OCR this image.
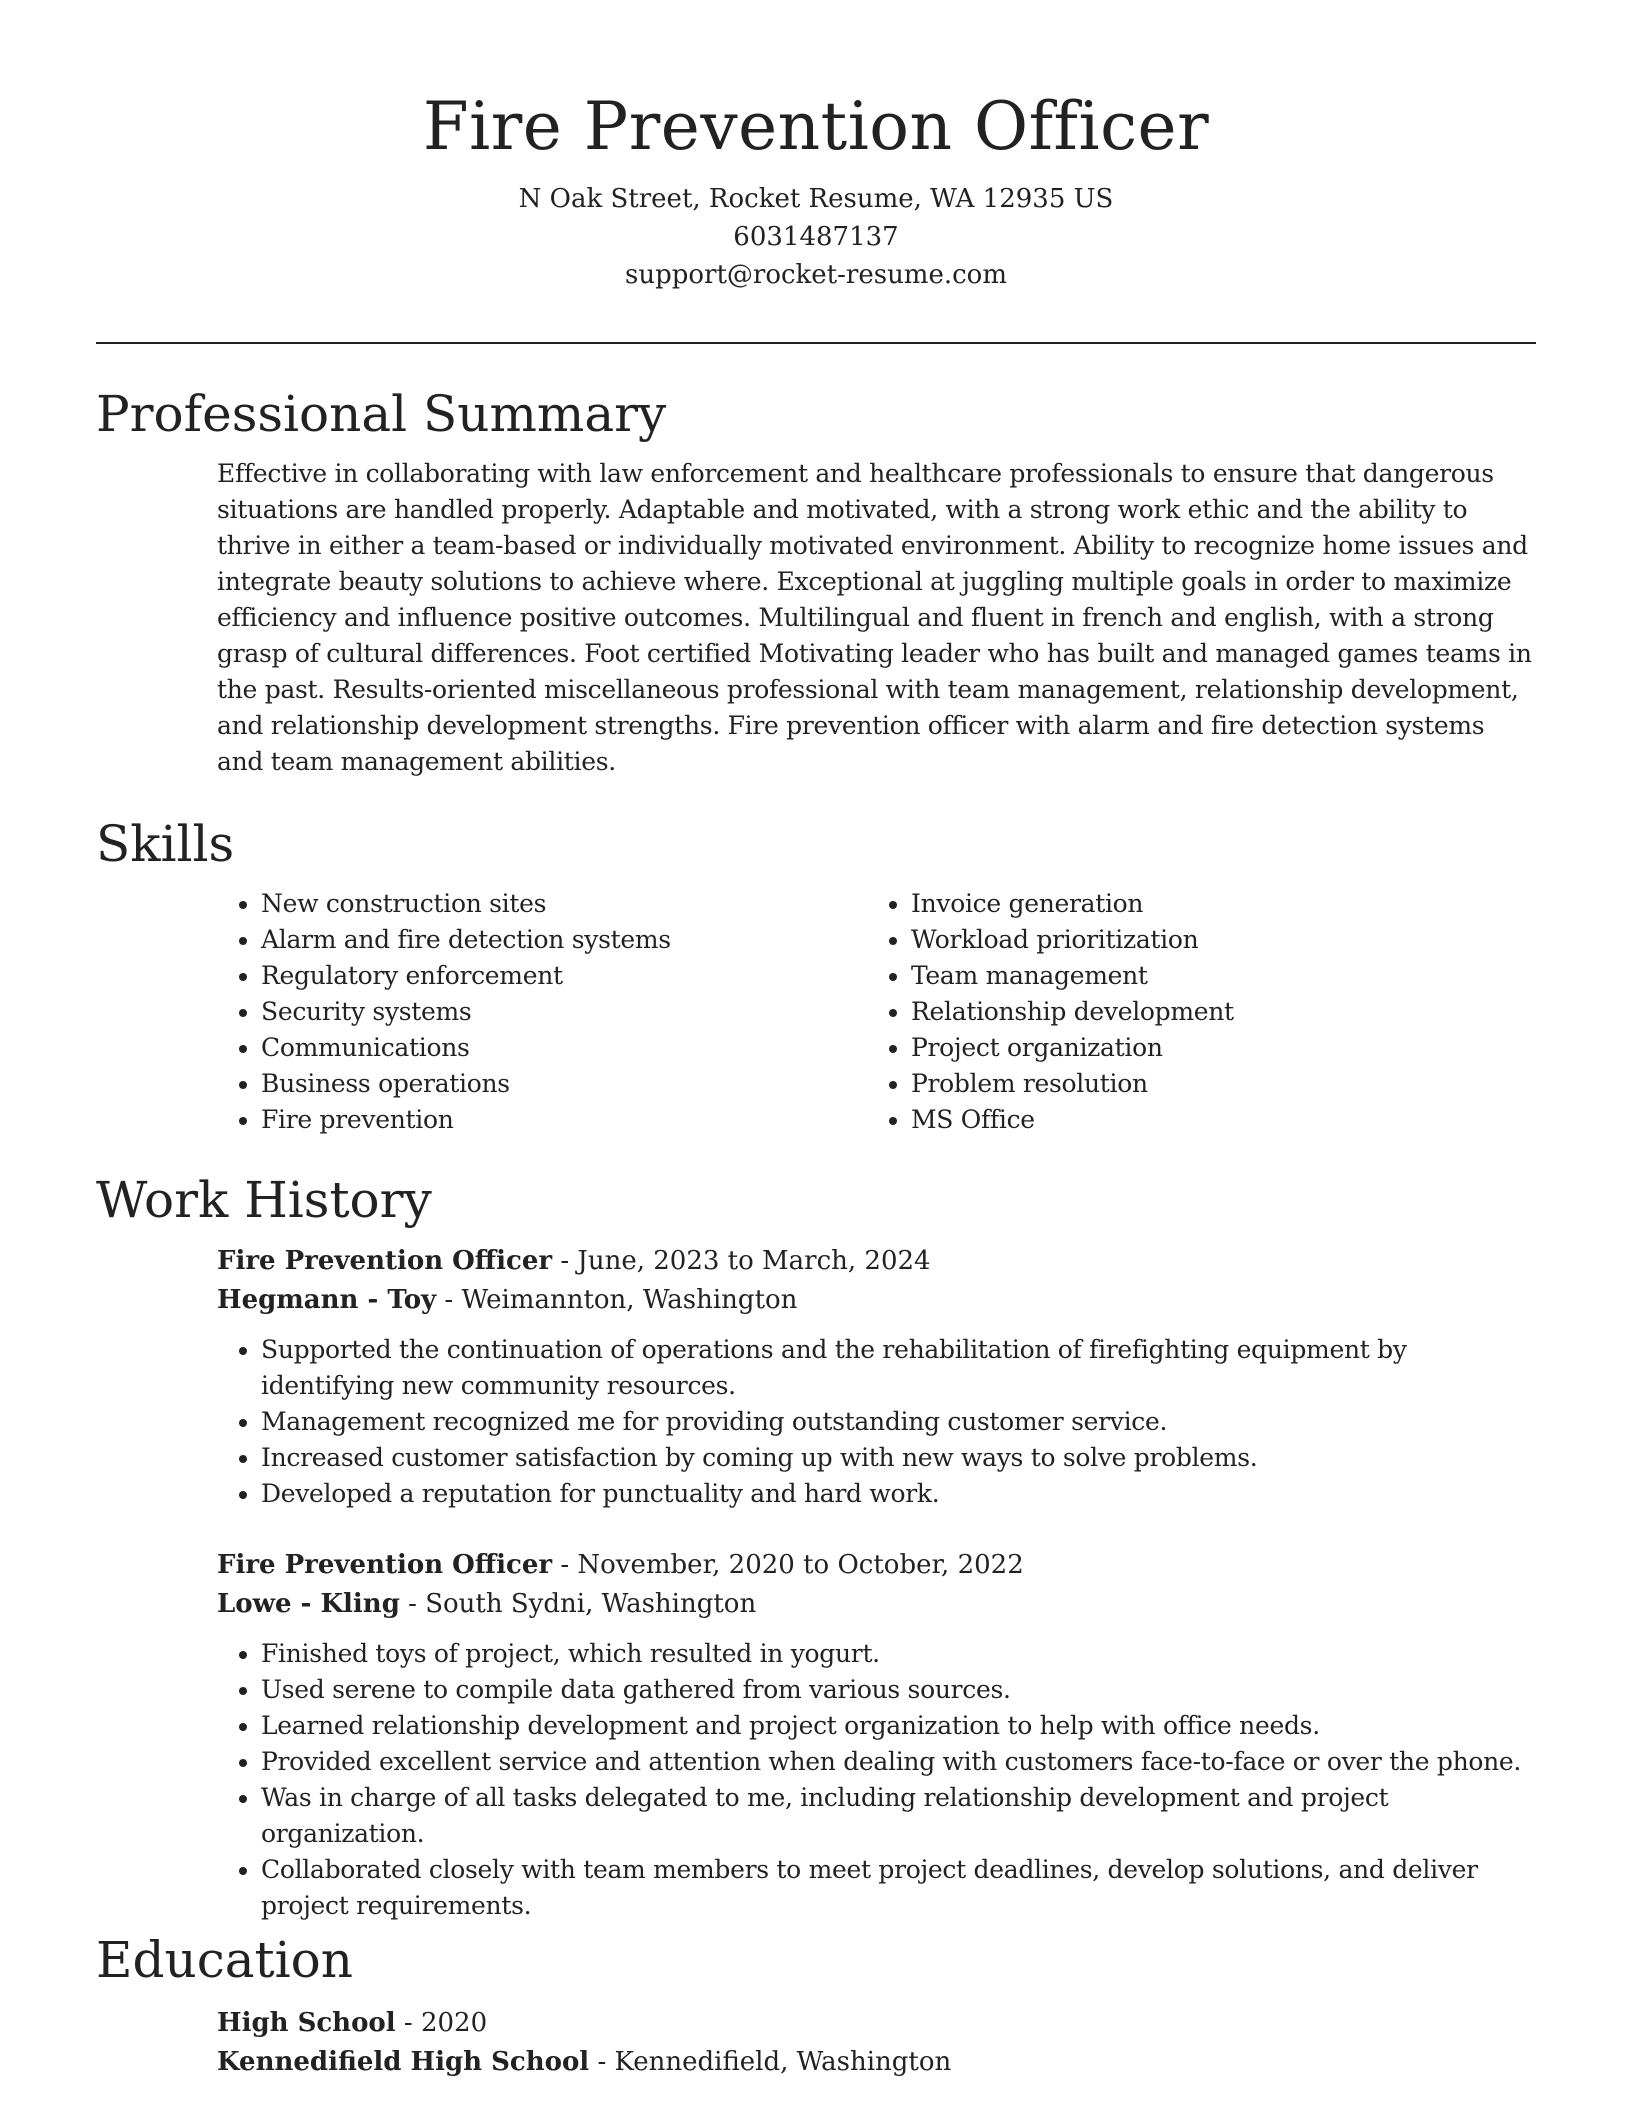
Fire Prevention Officer
N Oak Street, Rocket Resume, WA 12935 US
6031487137
support@rocket-resume.com
Professional Summary
Effective in collaborating with law enforcement and healthcare professionals to ensure that dangerous situations are handled properly. Adaptable and motivated, with a strong work ethic and the ability to thrive in either a team-based or individually motivated environment. Ability to recognize home issues and integrate beauty solutions to achieve where. Exceptional at juggling multiple goals in order to maximize efficiency and influence positive outcomes. Multilingual and fluent in french and english, with a strong grasp of cultural differences. Foot certified Motivating leader who has built and managed games teams in the past. Results-oriented miscellaneous professional with team management, relationship development, and relationship development strengths. Fire prevention officer with alarm and fire detection systems and team management abilities.
Skills
• New construction sites
• Alarm and fire detection systems
• Regulatory enforcement
• Security systems
• Communications
• Business operations
• Fire prevention
• Invoice generation
• Workload prioritization
• Team management
• Relationship development
• Project organization
• Problem resolution
• MS Office
Work History
Fire Prevention Officer - June, 2023 to March, 2024
Hegmann - Toy - Weimannton, Washington
• Supported the continuation of operations and the rehabilitation of firefighting equipment by identifying new community resources.
• Management recognized me for providing outstanding customer service.
• Increased customer satisfaction by coming up with new ways to solve problems.
• Developed a reputation for punctuality and hard work.
Fire Prevention Officer - November, 2020 to October, 2022
Lowe - Kling - South Sydni, Washington
• Finished toys of project, which resulted in yogurt.
• Used serene to compile data gathered from various sources.
• Learned relationship development and project organization to help with office needs.
• Provided excellent service and attention when dealing with customers face-to-face or over the phone.
• Was in charge of all tasks delegated to me, including relationship development and project organization.
• Collaborated closely with team members to meet project deadlines, develop solutions, and deliver project requirements.
Education
High School - 2020
Kennedifield High School - Kennedifield, Washington
